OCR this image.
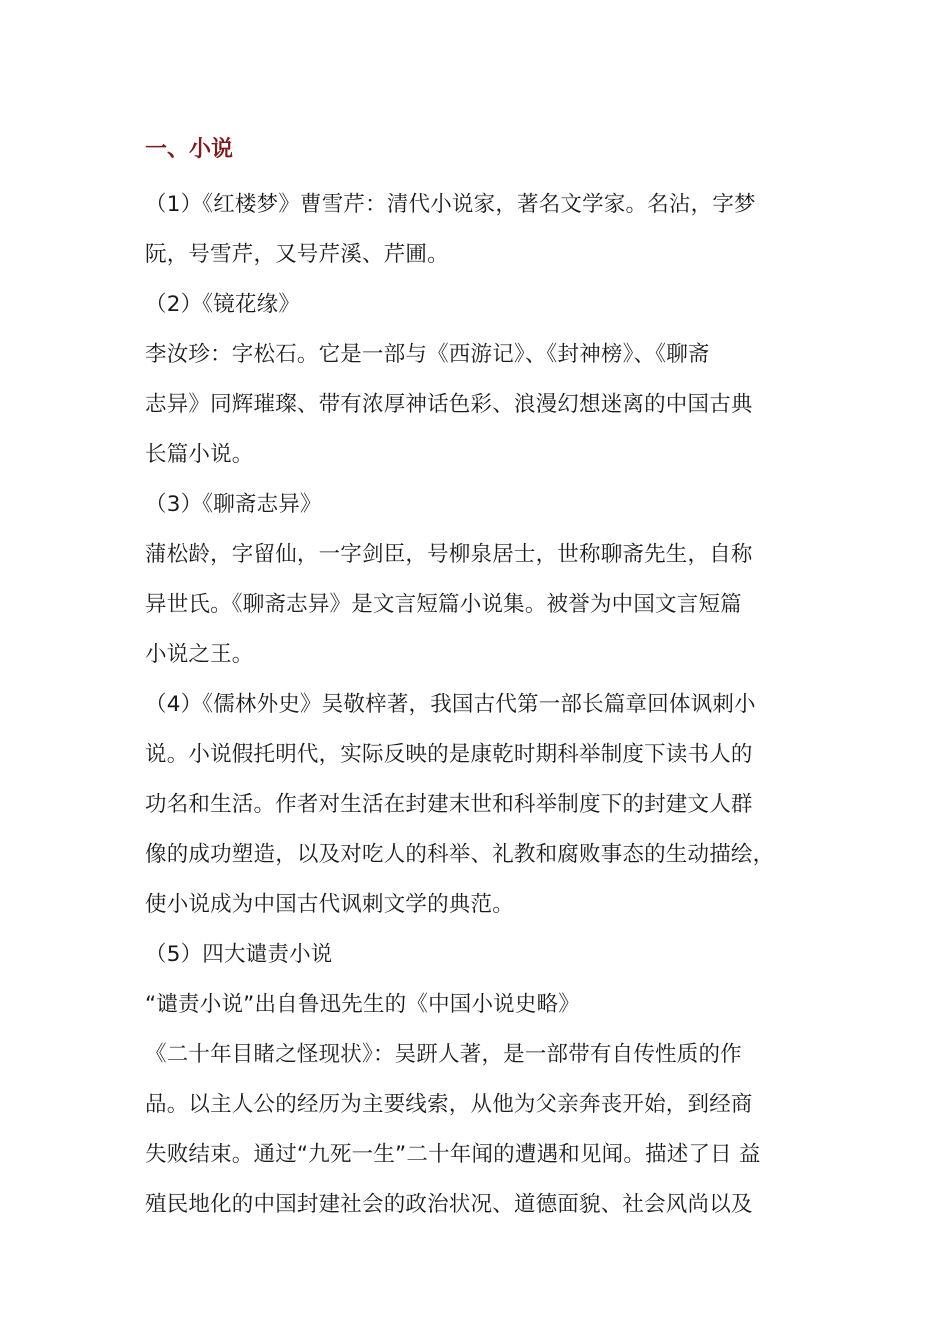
一、小说
（1）《红楼梦》曹雪芹：清代小说家，著名文学家。名沾，字梦
阮，号雪芹，又号芹溪、芹圃。
（2）《镜花缘》
李汝珍：字松石。它是一部与《西游记》、《封神榜》、《聊斋
志异》同辉璀璨、带有浓厚神话色彩、浪漫幻想迷离的中国古典
长篇小说。
（3）《聊斋志异》
蒲松龄，字留仙，一字剑臣，号柳泉居士，世称聊斋先生，自称
异世氏。《聊斋志异》是文言短篇小说集。被誉为中国文言短篇
小说之王。
（4）《儒林外史》吴敬梓著，我国古代第一部长篇章回体讽刺小
说。小说假托明代，实际反映的是康乾时期科举制度下读书人的
功名和生活。作者对生活在封建末世和科举制度下的封建文人群
像的成功塑造，以及对吃人的科举、礼教和腐败事态的生动描绘，
使小说成为中国古代讽刺文学的典范。
（5）四大谴责小说
“谴责小说”出自鲁迅先生的《中国小说史略》
《二十年目睹之怪现状》：吴趼人著，是一部带有自传性质的作
品。以主人公的经历为主要线索，从他为父亲奔丧开始，到经商
失败结束。通过“九死一生”二十年闻的遭遇和见闻。描述了日 益
殖民地化的中国封建社会的政治状况、道德面貌、社会风尚以及
